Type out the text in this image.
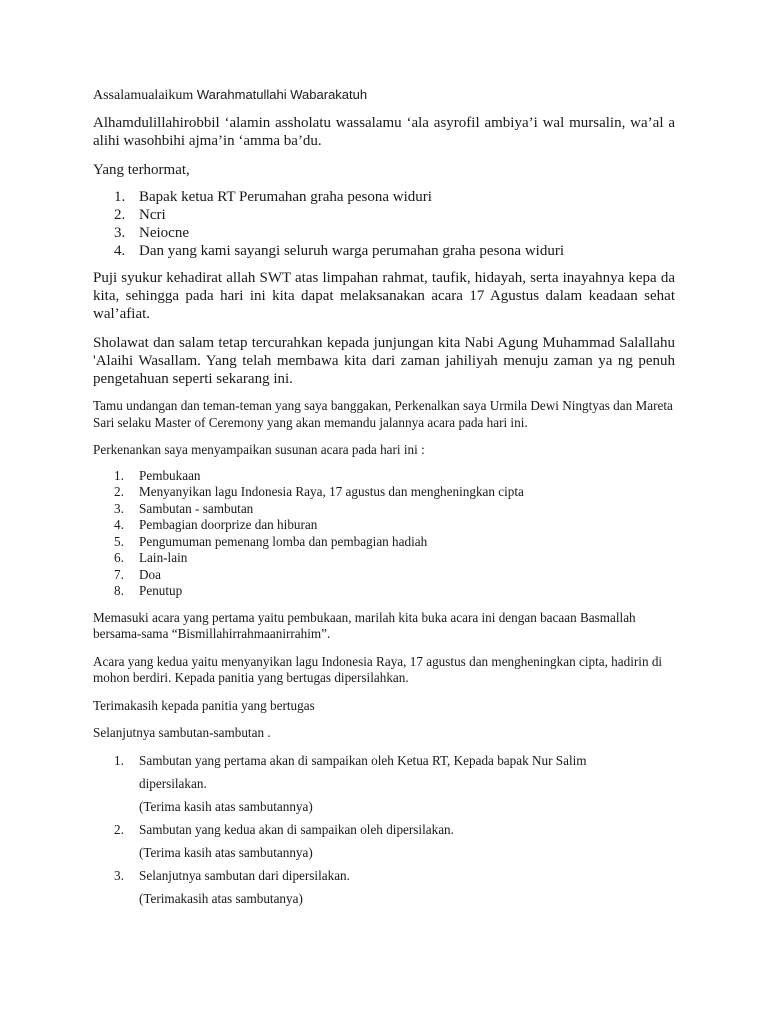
Assalamualaikum Warahmatullahi Wabarakatuh

Alhamdulillahirobbil ‘alamin assholatu wassalamu ‘ala asyrofil ambiya’i wal mursalin, wa’al a alihi wasohbihi ajma’in ‘amma ba’du.

Yang terhormat,

1. Bapak ketua RT Perumahan graha pesona widuri
2. Ncri
3. Neiocne
4. Dan yang kami sayangi seluruh warga perumahan graha pesona widuri

Puji syukur kehadirat allah SWT atas limpahan rahmat, taufik, hidayah, serta inayahnya kepa da kita, sehingga pada hari ini kita dapat melaksanakan acara 17 Agustus dalam keadaan sehat wal’afiat.

Sholawat dan salam tetap tercurahkan kepada junjungan kita Nabi Agung Muhammad Salallahu 'Alaihi Wasallam. Yang telah membawa kita dari zaman jahiliyah menuju zaman ya ng penuh pengetahuan seperti sekarang ini.

Tamu undangan dan teman-teman yang saya banggakan, Perkenalkan saya Urmila Dewi Ningtyas dan Mareta Sari selaku Master of Ceremony yang akan memandu jalannya acara pada hari ini.

Perkenankan saya menyampaikan susunan acara pada hari ini :

1. Pembukaan
2. Menyanyikan lagu Indonesia Raya, 17 agustus dan mengheningkan cipta
3. Sambutan - sambutan
4. Pembagian doorprize dan hiburan
5. Pengumuman pemenang lomba dan pembagian hadiah
6. Lain-lain
7. Doa
8. Penutup

Memasuki acara yang pertama yaitu pembukaan, marilah kita buka acara ini dengan bacaan Basmallah bersama-sama “Bismillahirrahmaanirrahim”.

Acara yang kedua yaitu menyanyikan lagu Indonesia Raya, 17 agustus dan mengheningkan cipta, hadirin di mohon berdiri. Kepada panitia yang bertugas dipersilahkan.

Terimakasih kepada panitia yang bertugas

Selanjutnya sambutan-sambutan .

1. Sambutan yang pertama akan di sampaikan oleh Ketua RT, Kepada bapak Nur Salim
dipersilakan.
(Terima kasih atas sambutannya)
2. Sambutan yang kedua akan di sampaikan oleh dipersilakan.
(Terima kasih atas sambutannya)
3. Selanjutnya sambutan dari dipersilakan.
(Terimakasih atas sambutanya)
